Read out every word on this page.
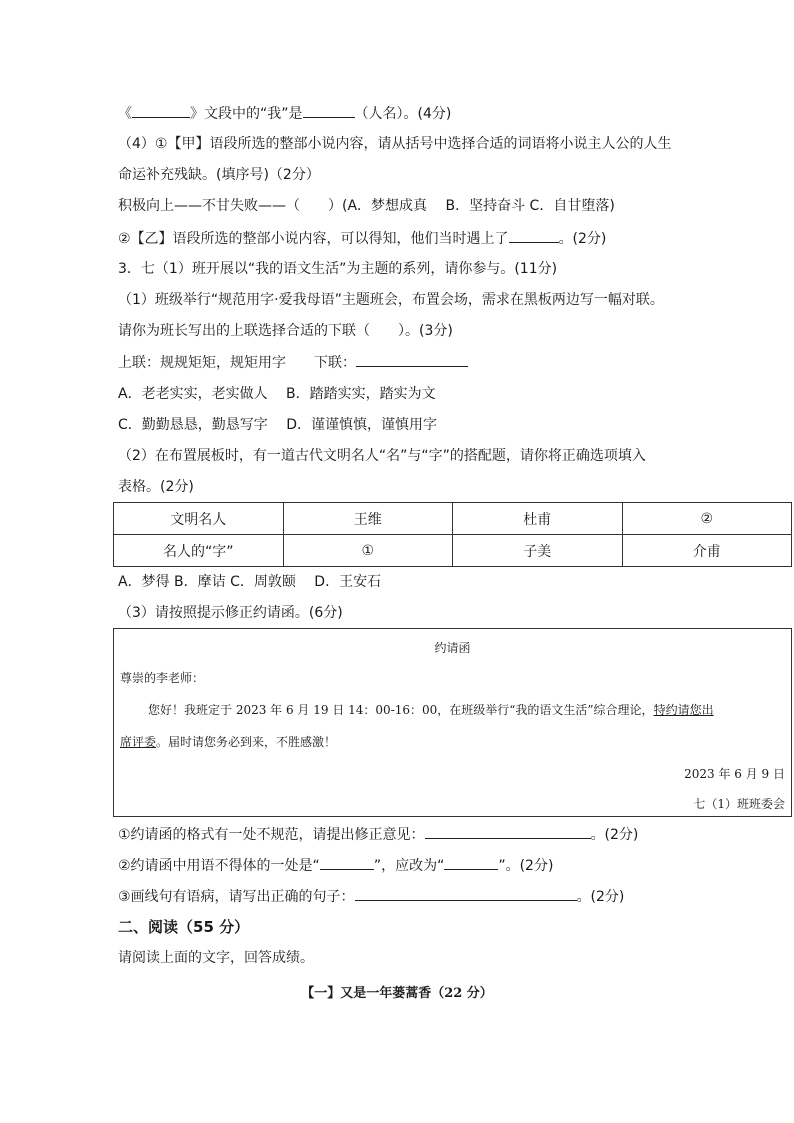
《	》文段中的“我”是	（人名）。(4分)
（4）①【甲】语段所选的整部小说内容，请从括号中选择合适的词语将小说主人公的人生
命运补充残缺。(填序号)（2分）
积极向上——不甘失败——（　　）(A．梦想成真　 B．坚持奋斗 C．自甘堕落)
②【乙】语段所选的整部小说内容，可以得知，他们当时遇上了	。(2分)
3．七（1）班开展以“我的语文生活”为主题的系列，请你参与。(11分)
（1）班级举行“规范用字·爱我母语”主题班会，布置会场，需求在黑板两边写一幅对联。
请你为班长写出的上联选择合适的下联（　　）。(3分)
上联：规规矩矩，规矩用字　　下联：
A．老老实实，老实做人　 B．踏踏实实，踏实为文
C．勤勤恳恳，勤恳写字　 D．谨谨慎慎，谨慎用字
（2）在布置展板时，有一道古代文明名人“名”与“字”的搭配题，请你将正确选项填入
表格。(2分)
文明名人	王维	杜甫	②
名人的“字”	①	子美	介甫
A．梦得 B．摩诘 C．周敦颐　 D．王安石
（3）请按照提示修正约请函。(6分)
约请函
尊崇的李老师：
您好！我班定于 2023 年 6 月 19 日 14：00-16：00，在班级举行“我的语文生活”综合理论，特约请您出
席评委。届时请您务必到来，不胜感激！
2023 年 6 月 9 日
七（1）班班委会
①约请函的格式有一处不规范，请提出修正意见：	。(2分)
②约请函中用语不得体的一处是“	”，应改为“	”。(2分)
③画线句有语病，请写出正确的句子：	。(2分)
二、阅读（55 分）
请阅读上面的文字，回答成绩。
【一】又是一年蒌蒿香（22 分）
